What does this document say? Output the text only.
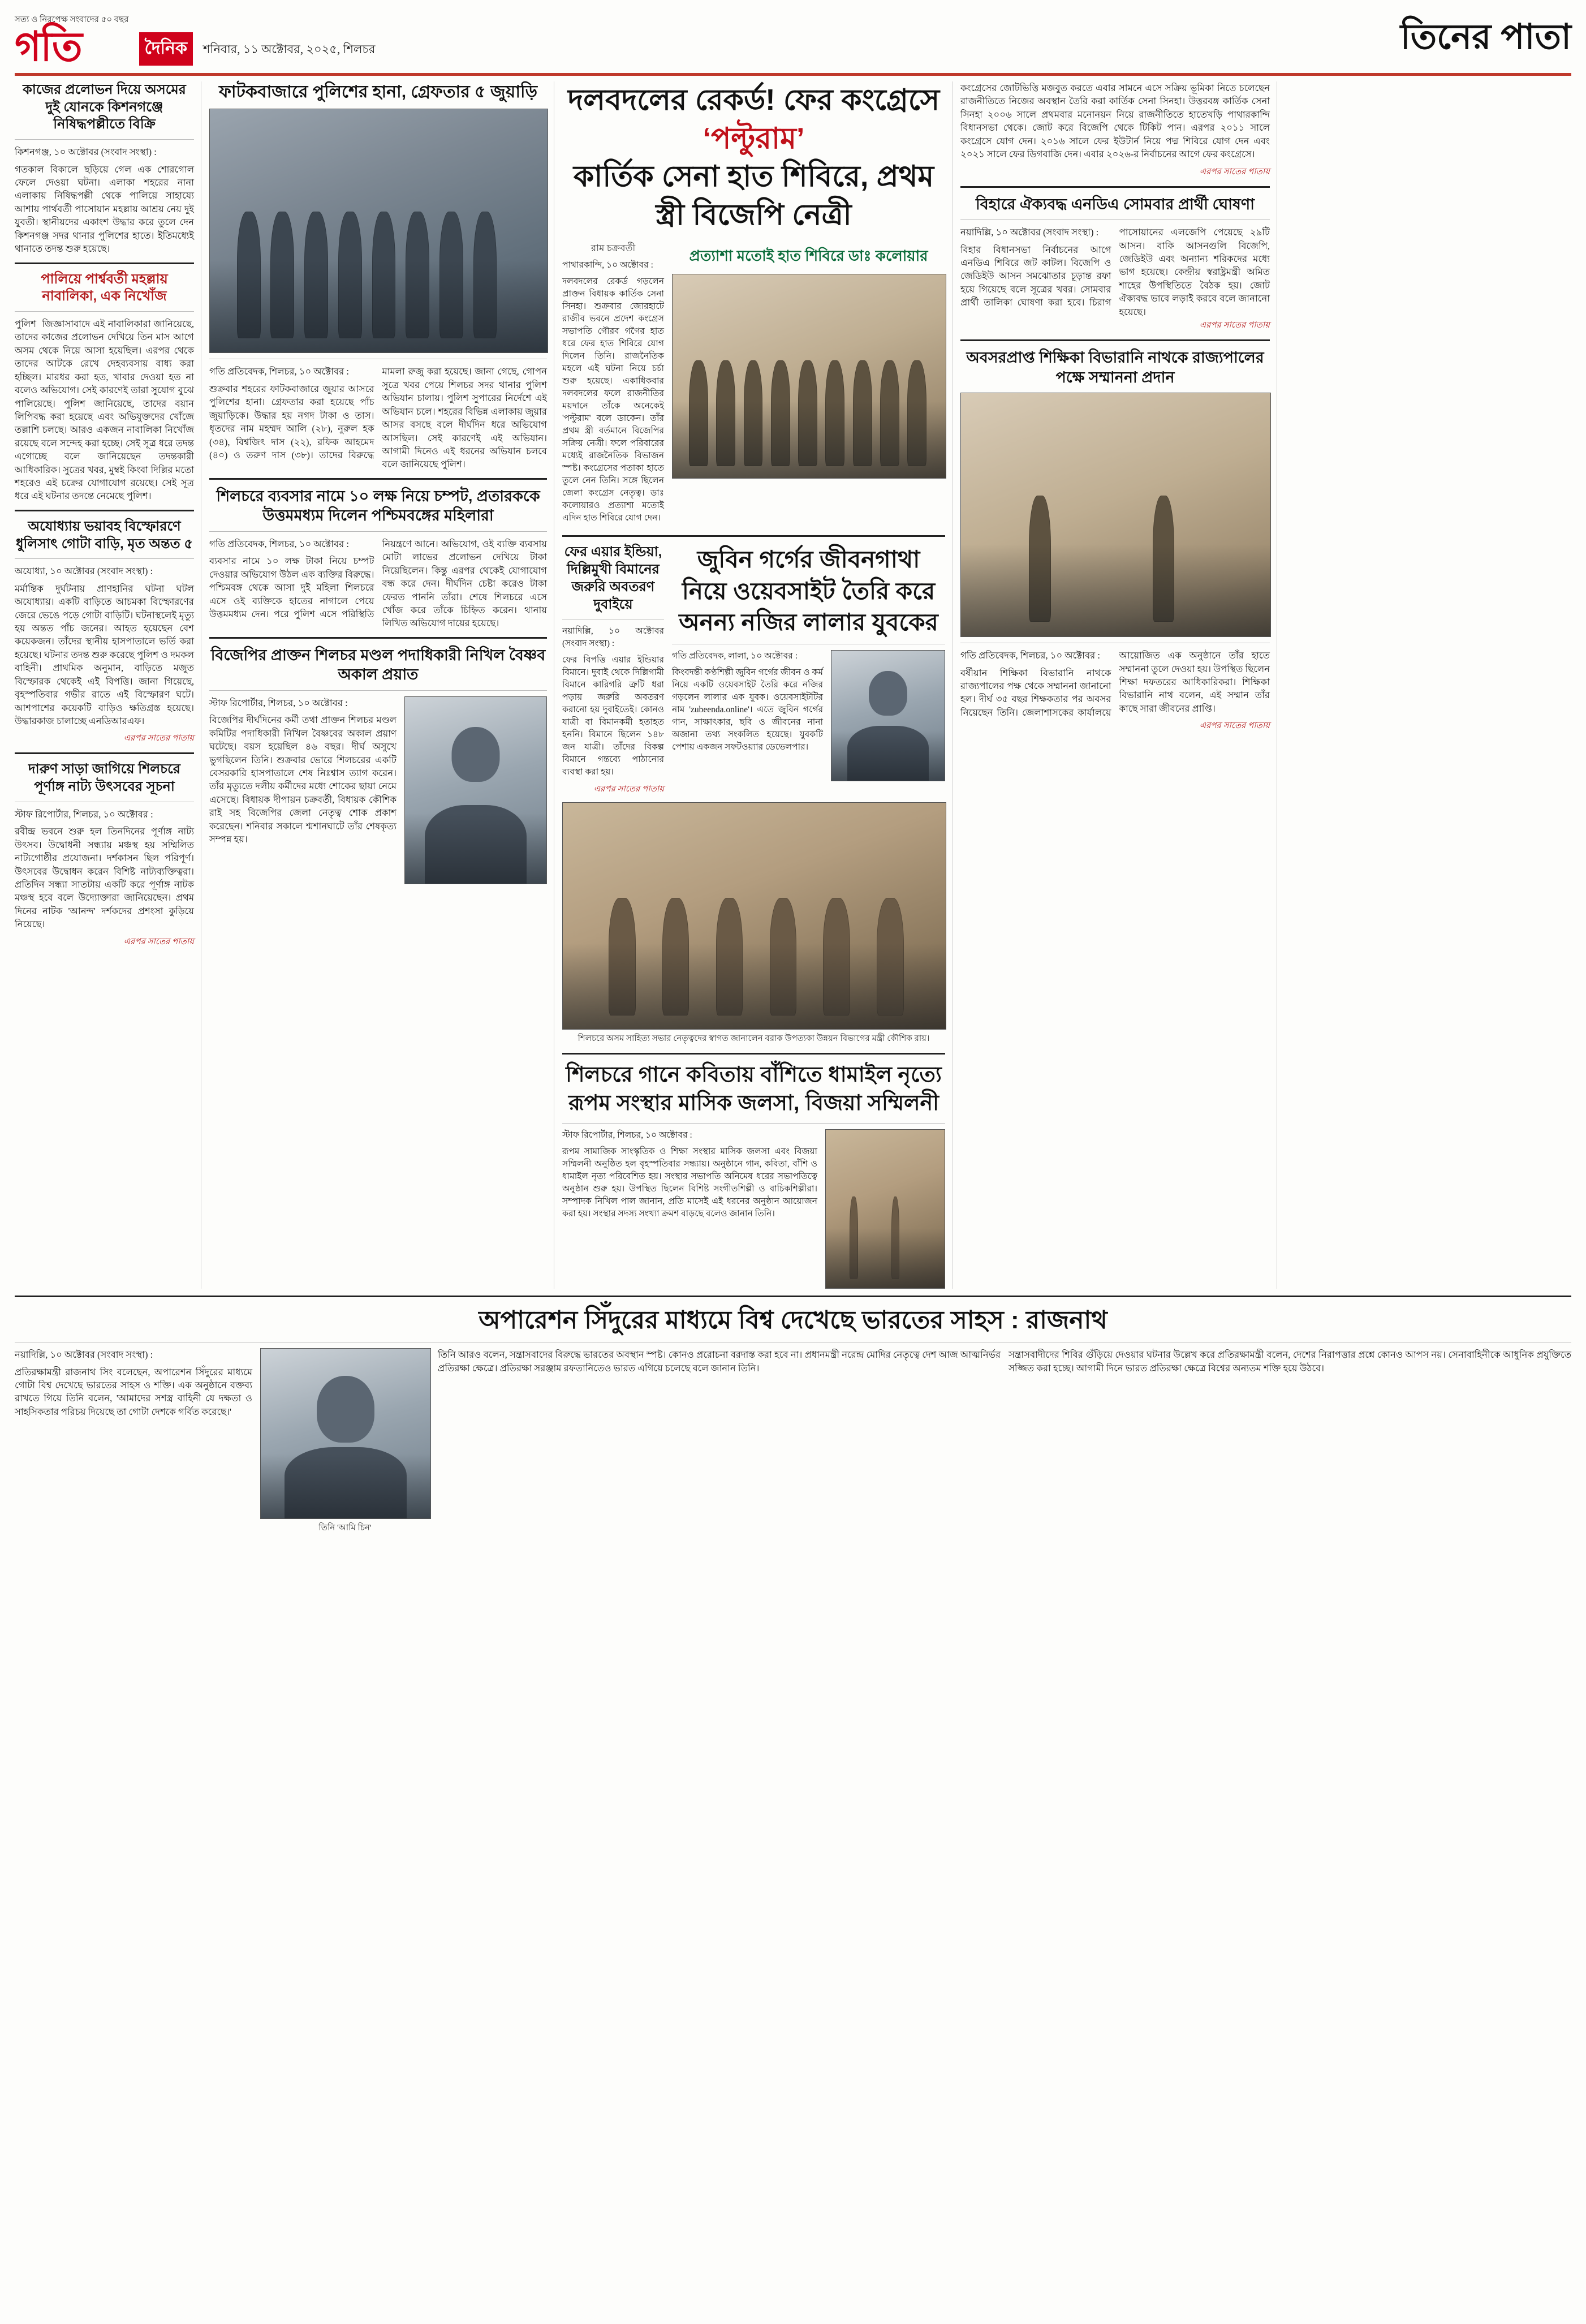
সত্য ও নিরপেক্ষ সংবাদের ৫০ বছর
গতি	দৈনিক	শনিবার, ১১ অক্টোবর, ২০২৫, শিলচর	তিনের পাতা
কাজের প্রলোভন দিয়ে অসমের দুই যোনকে কিশনগঞ্জে নিষিদ্ধপল্লীতে বিক্রি

কিশনগঞ্জ, ১০ অক্টোবর (সংবাদ সংস্থা) :

গতকাল বিকালে ছড়িয়ে গেল এক শোরগোল ফেলে দেওয়া ঘটনা। এলাকা শহরের নানা এলাকায় নিষিদ্ধপল্লী থেকে পালিয়ে সাহায্যে আশায় পার্থবর্তী পাসোয়ান মহল্লায় আশ্রয় নেয় দুই যুবতী। স্থানীয়দের একাংশ উদ্ধার করে তুলে দেন কিশনগঞ্জ সদর থানার পুলিশের হাতে। ইতিমধ্যেই থানাতে তদন্ত শুরু হয়েছে।

পালিয়ে পার্শ্ববর্তী মহল্লায় নাবালিকা, এক নিখোঁজ

পুলিশ ‍ জিজ্ঞাসাবাদে এই নাবালিকারা জানিয়েছে, তাদের কাজের প্রলোভন দেখিয়ে তিন মাস আগে অসম থেকে নিয়ে আসা হয়েছিল। এরপর থেকে তাদের আটকে রেখে দেহব্যবসায় বাধ্য করা হচ্ছিল। মারধর করা হত, খাবার দেওয়া হত না বলেও অভিযোগ। সেই কারণেই তারা সুযোগ বুঝে পালিয়েছে। পুলিশ জানিয়েছে, তাদের বয়ান লিপিবদ্ধ করা হয়েছে এবং অভিযুক্তদের খোঁজে তল্লাশি চলছে। আরও একজন নাবালিকা নিখোঁজ রয়েছে বলে সন্দেহ করা হচ্ছে। সেই সূত্র ধরে তদন্ত এগোচ্ছে বলে জানিয়েছেন তদন্তকারী আধিকারিক। সুত্রের খবর, মুম্বই কিংবা দিল্লির মতো শহরেও এই চক্রের যোগাযোগ রয়েছে। সেই সূত্র ধরে এই ঘটনার তদন্তে নেমেছে পুলিশ।

অযোধ্যায় ভয়াবহ বিস্ফোরণে ধুলিসাৎ গোটা বাড়ি, মৃত অন্তত ৫

অযোধ্যা, ১০ অক্টোবর (সংবাদ সংস্থা) :

মর্মান্তিক দুর্ঘটনায় প্রাণহানির ঘটনা ঘটল অযোধ্যায়। একটি বাড়িতে আচমকা বিস্ফোরণের জেরে ভেঙে পড়ে গোটা বাড়িটি। ঘটনাস্থলেই মৃত্যু হয় অন্তত পাঁচ জনের। আহত হয়েছেন বেশ কয়েকজন। তাঁদের স্থানীয় হাসপাতালে ভর্তি করা হয়েছে। ঘটনার তদন্ত শুরু করেছে পুলিশ ও দমকল বাহিনী। প্রাথমিক অনুমান, বাড়িতে মজুত বিস্ফোরক থেকেই এই বিপত্তি। জানা গিয়েছে, বৃহস্পতিবার গভীর রাতে এই বিস্ফোরণ ঘটে। আশপাশের কয়েকটি বাড়িও ক্ষতিগ্রস্ত হয়েছে। উদ্ধারকাজ চালাচ্ছে এনডিআরএফ।

এরপর সাতের পাতায়
দারুণ সাড়া জাগিয়ে শিলচরে পূর্ণাঙ্গ নাট্য উৎসবের সূচনা

স্টাফ রিপোর্টার, শিলচর, ১০ অক্টোবর :

রবীন্দ্র ভবনে শুরু হল তিনদিনের পূর্ণাঙ্গ নাট্য উৎসব। উদ্বোধনী সন্ধ্যায় মঞ্চস্থ হয় সম্মিলিত নাট্যগোষ্ঠীর প্রযোজনা। দর্শকাসন ছিল পরিপূর্ণ। উৎসবের উদ্বোধন করেন বিশিষ্ট নাট্যব্যক্তিত্বরা। প্রতিদিন সন্ধ্যা সাতটায় একটি করে পূর্ণাঙ্গ নাটক মঞ্চস্থ হবে বলে উদ্যোক্তারা জানিয়েছেন। প্রথম দিনের নাটক 'আনন্দ' দর্শকদের প্রশংসা কুড়িয়ে নিয়েছে।

এরপর সাতের পাতায়
ফাটকবাজারে পুলিশের হানা, গ্রেফতার ৫ জুয়াড়ি

গতি প্রতিবেদক, শিলচর, ১০ অক্টোবর :

শুক্রবার শহরের ফাটকবাজারে জুয়ার আসরে পুলিশের হানা। গ্রেফতার করা হয়েছে পাঁচ জুয়াড়িকে। উদ্ধার হয় নগদ টাকা ও তাস। ধৃতদের নাম মহম্মদ আলি (২৮), নুরুল হক (৩৪), বিশ্বজিৎ দাস (২২), রফিক আহমেদ (৪০) ও তরুণ দাস (৩৮)। তাদের বিরুদ্ধে মামলা রুজু করা হয়েছে। জানা গেছে, গোপন সূত্রে খবর পেয়ে শিলচর সদর থানার পুলিশ অভিযান চালায়। পুলিশ সুপারের নির্দেশে এই অভিযান চলে। শহরের বিভিন্ন এলাকায় জুয়ার আসর বসছে বলে দীর্ঘদিন ধরে অভিযোগ আসছিল। সেই কারণেই এই অভিযান। আগামী দিনেও এই ধরনের অভিযান চলবে বলে জানিয়েছে পুলিশ।

শিলচরে ব্যবসার নামে ১০ লক্ষ নিয়ে চম্পট, প্রতারককে উত্তমমধ্যম দিলেন পশ্চিমবঙ্গের মহিলারা

গতি প্রতিবেদক, শিলচর, ১০ অক্টোবর :

ব্যবসার নামে ১০ লক্ষ টাকা নিয়ে চম্পট দেওয়ার অভিযোগ উঠল এক ব্যক্তির বিরুদ্ধে। পশ্চিমবঙ্গ থেকে আসা দুই মহিলা শিলচরে এসে ওই ব্যক্তিকে হাতের নাগালে পেয়ে উত্তমমধ্যম দেন। পরে পুলিশ এসে পরিস্থিতি নিয়ন্ত্রণে আনে। অভিযোগ, ওই ব্যক্তি ব্যবসায় মোটা লাভের প্রলোভন দেখিয়ে টাকা নিয়েছিলেন। কিন্তু এরপর থেকেই যোগাযোগ বন্ধ করে দেন। দীর্ঘদিন চেষ্টা করেও টাকা ফেরত পাননি তাঁরা। শেষে শিলচরে এসে খোঁজ করে তাঁকে চিহ্নিত করেন। থানায় লিখিত অভিযোগ দায়ের হয়েছে।

বিজেপির প্রাক্তন শিলচর মণ্ডল পদাধিকারী নিখিল বৈষ্ণব অকাল প্রয়াত

স্টাফ রিপোর্টার, শিলচর, ১০ অক্টোবর :

বিজেপির দীর্ঘদিনের কর্মী তথা প্রাক্তন শিলচর মণ্ডল কমিটির পদাধিকারী নিখিল বৈষ্ণবের অকাল প্রয়াণ ঘটেছে। বয়স হয়েছিল ৪৬ বছর। দীর্ঘ অসুখে ভুগছিলেন তিনি। শুক্রবার ভোরে শিলচরের একটি বেসরকারি হাসপাতালে শেষ নিঃশ্বাস ত্যাগ করেন। তাঁর মৃত্যুতে দলীয় কর্মীদের মধ্যে শোকের ছায়া নেমে এসেছে। বিধায়ক দীপায়ন চক্রবর্তী, বিধায়ক কৌশিক রাই সহ বিজেপির জেলা নেতৃত্ব শোক প্রকাশ করেছেন। শনিবার সকালে শ্মশানঘাটে তাঁর শেষকৃত্য সম্পন্ন হয়।

দলবদলের রেকর্ড! ফের কংগ্রেসে ‘পল্টুরাম’
কার্তিক সেনা হাত শিবিরে, প্রথম স্ত্রী বিজেপি নেত্রী
রাম চক্রবর্তী

পাথারকান্দি, ১০ অক্টোবর :

দলবদলের রেকর্ড গড়লেন প্রাক্তন বিধায়ক কার্তিক সেনা সিনহা। শুক্রবার জোরহাটে রাজীব ভবনে প্রদেশ কংগ্রেস সভাপতি গৌরব গগৈর হাত ধরে ফের হাত শিবিরে যোগ দিলেন তিনি। রাজনৈতিক মহলে এই ঘটনা নিয়ে চর্চা শুরু হয়েছে। একাধিকবার দলবদলের ফলে রাজনীতির ময়দানে তাঁকে অনেকেই 'পল্টুরাম' বলে ডাকেন। তাঁর প্রথম স্ত্রী বর্তমানে বিজেপির সক্রিয় নেত্রী। ফলে পরিবারের মধ্যেই রাজনৈতিক বিভাজন স্পষ্ট। কংগ্রেসের পতাকা হাতে তুলে নেন তিনি। সঙ্গে ছিলেন জেলা কংগ্রেস নেতৃত্ব। ডাঃ কলোয়ারও প্রত্যাশা মতোই এদিন হাত শিবিরে যোগ দেন।

প্রত্যাশা মতোই হাত শিবিরে ডাঃ কলোয়ার
ফের এয়ার ইন্ডিয়া, দিল্লিমুখী বিমানের জরুরি অবতরণ দুবাইয়ে

নয়াদিল্লি, ১০ অক্টোবর (সংবাদ সংস্থা) :

ফের বিপত্তি এয়ার ইন্ডিয়ার বিমানে। দুবাই থেকে দিল্লিগামী বিমানে কারিগরি ত্রুটি ধরা পড়ায় জরুরি অবতরণ করানো হয় দুবাইতেই। কোনও যাত্রী বা বিমানকর্মী হতাহত হননি। বিমানে ছিলেন ১৪৮ জন যাত্রী। তাঁদের বিকল্প বিমানে গন্তব্যে পাঠানোর ব্যবস্থা করা হয়।

এরপর সাতের পাতায়
জুবিন গর্গের জীবনগাথা নিয়ে ওয়েবসাইট তৈরি করে অনন্য নজির লালার যুবকের

গতি প্রতিবেদক, লালা, ১০ অক্টোবর :

কিংবদন্তী কণ্ঠশিল্পী জুবিন গর্গের জীবন ও কর্ম নিয়ে একটি ওয়েবসাইট তৈরি করে নজির গড়লেন লালার এক যুবক। ওয়েবসাইটটির নাম 'zubeenda.online'। এতে জুবিন গর্গের গান, সাক্ষাৎকার, ছবি ও জীবনের নানা অজানা তথ্য সংকলিত হয়েছে। যুবকটি পেশায় একজন সফটওয়্যার ডেভেলপার।

শিলচরে অসম সাহিত্য সভার নেতৃত্বদের স্বাগত জানালেন বরাক উপত্যকা উন্নয়ন বিভাগের মন্ত্রী কৌশিক রায়।
শিলচরে গানে কবিতায় বাঁশিতে ধামাইল নৃত্যে রূপম সংস্থার মাসিক জলসা, বিজয়া সম্মিলনী

স্টাফ রিপোর্টার, শিলচর, ১০ অক্টোবর :

রূপম সামাজিক সাংস্কৃতিক ও শিক্ষা সংস্থার মাসিক জলসা এবং বিজয়া সম্মিলনী অনুষ্ঠিত হল বৃহস্পতিবার সন্ধ্যায়। অনুষ্ঠানে গান, কবিতা, বাঁশি ও ধামাইল নৃত্য পরিবেশিত হয়। সংস্থার সভাপতি অনিমেষ ধরের সভাপতিত্বে অনুষ্ঠান শুরু হয়। উপস্থিত ছিলেন বিশিষ্ট সংগীতশিল্পী ও বাচিকশিল্পীরা। সম্পাদক নিখিল পাল জানান, প্রতি মাসেই এই ধরনের অনুষ্ঠান আয়োজন করা হয়। সংস্থার সদস্য সংখ্যা ক্রমশ বাড়ছে বলেও জানান তিনি।

কংগ্রেসের জোটভিত্তি মজবুত করতে এবার সামনে এসে সক্রিয় ভূমিকা নিতে চলেছেন রাজনীতিতে নিজের অবস্থান তৈরি করা কার্তিক সেনা সিনহা। উত্তরবঙ্গ কার্তিক সেনা সিনহা ২০০৬ সালে প্রথমবার মনোনয়ন নিয়ে রাজনীতিতে হাতেখড়ি পাথারকান্দি বিধানসভা থেকে। জোট করে বিজেপি থেকে টিকিট পান। এরপর ২০১১ সালে কংগ্রেসে যোগ দেন। ২০১৬ সালে ফের ইউটার্ন নিয়ে পদ্ম শিবিরে যোগ দেন এবং ২০২১ সালে ফের ডিগবাজি দেন। এবার ২০২৬-র নির্বাচনের আগে ফের কংগ্রেসে।

এরপর সাতের পাতায়
বিহারে ঐক্যবদ্ধ এনডিএ সোমবার প্রার্থী ঘোষণা

নয়াদিল্লি, ১০ অক্টোবর (সংবাদ সংস্থা) :

বিহার বিধানসভা নির্বাচনের আগে এনডিএ শিবিরে জট কাটল। বিজেপি ও জেডিইউ আসন সমঝোতার চূড়ান্ত রফা হয়ে গিয়েছে বলে সূত্রের খবর। সোমবার প্রার্থী তালিকা ঘোষণা করা হবে। চিরাগ পাসোয়ানের এলজেপি পেয়েছে ২৯টি আসন। বাকি আসনগুলি বিজেপি, জেডিইউ এবং অন্যান্য শরিকদের মধ্যে ভাগ হয়েছে। কেন্দ্রীয় স্বরাষ্ট্রমন্ত্রী অমিত শাহের উপস্থিতিতে বৈঠক হয়। জোট ঐক্যবদ্ধ ভাবে লড়াই করবে বলে জানানো হয়েছে।

এরপর সাতের পাতায়
অবসরপ্রাপ্ত শিক্ষিকা বিভারানি নাথকে রাজ্যপালের পক্ষে সম্মাননা প্রদান

গতি প্রতিবেদক, শিলচর, ১০ অক্টোবর :

বর্ষীয়ান শিক্ষিকা বিভারানি নাথকে রাজ্যপালের পক্ষ থেকে সম্মাননা জানানো হল। দীর্ঘ ৩৫ বছর শিক্ষকতার পর অবসর নিয়েছেন তিনি। জেলাশাসকের কার্যালয়ে আয়োজিত এক অনুষ্ঠানে তাঁর হাতে সম্মাননা তুলে দেওয়া হয়। উপস্থিত ছিলেন শিক্ষা দফতরের আধিকারিকরা। শিক্ষিকা বিভারানি নাথ বলেন, এই সম্মান তাঁর কাছে সারা জীবনের প্রাপ্তি।

এরপর সাতের পাতায়
অপারেশন সিঁদুরের মাধ্যমে বিশ্ব দেখেছে ভারতের সাহস : রাজনাথ

নয়াদিল্লি, ১০ অক্টোবর (সংবাদ সংস্থা) :

প্রতিরক্ষামন্ত্রী রাজনাথ সিং বলেছেন, অপারেশন সিঁদুরের মাধ্যমে গোটা বিশ্ব দেখেছে ভারতের সাহস ও শক্তি। এক অনুষ্ঠানে বক্তব্য রাখতে গিয়ে তিনি বলেন, 'আমাদের সশস্ত্র বাহিনী যে দক্ষতা ও সাহসিকতার পরিচয় দিয়েছে তা গোটা দেশকে গর্বিত করেছে।'

তিনি 'আমি চিন'

তিনি আরও বলেন, সন্ত্রাসবাদের বিরুদ্ধে ভারতের অবস্থান স্পষ্ট। কোনও প্ররোচনা বরদাস্ত করা হবে না। প্রধানমন্ত্রী নরেন্দ্র মোদির নেতৃত্বে দেশ আজ আত্মনির্ভর প্রতিরক্ষা ক্ষেত্রে। প্রতিরক্ষা সরঞ্জাম রফতানিতেও ভারত এগিয়ে চলেছে বলে জানান তিনি।

সন্ত্রাসবাদীদের শিবির গুঁড়িয়ে দেওয়ার ঘটনার উল্লেখ করে প্রতিরক্ষামন্ত্রী বলেন, দেশের নিরাপত্তার প্রশ্নে কোনও আপস নয়। সেনাবাহিনীকে আধুনিক প্রযুক্তিতে সজ্জিত করা হচ্ছে। আগামী দিনে ভারত প্রতিরক্ষা ক্ষেত্রে বিশ্বের অন্যতম শক্তি হয়ে উঠবে।
